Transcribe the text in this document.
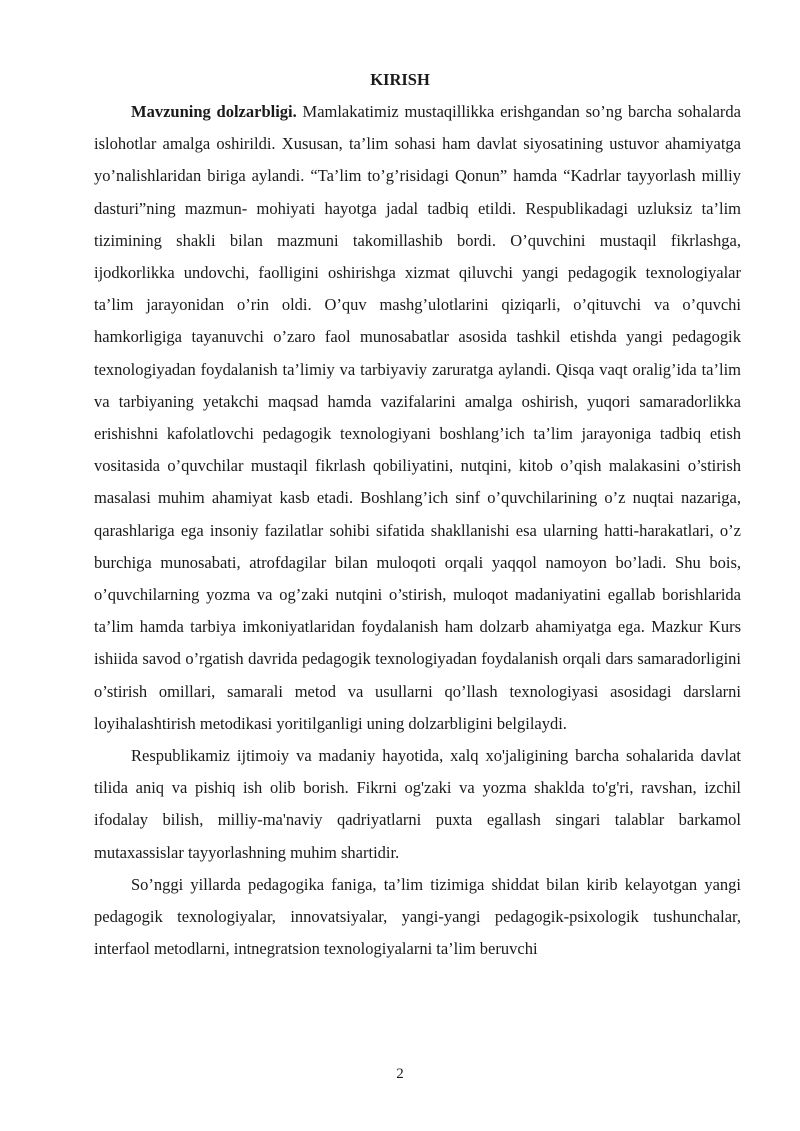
KIRISH

Mavzuning dolzarbligi. Mamlakatimiz mustaqillikka erishgandan so’ng barcha sohalarda islohotlar amalga oshirildi. Xususan, ta’lim sohasi ham davlat siyosatining ustuvor ahamiyatga yo’nalishlaridan biriga aylandi. “Ta’lim to’g’risidagi Qonun” hamda “Kadrlar tayyorlash milliy dasturi”ning mazmun- mohiyati hayotga jadal tadbiq etildi. Respublikadagi uzluksiz ta’lim tizimining shakli bilan mazmuni takomillashib bordi. O’quvchini mustaqil fikrlashga, ijodkorlikka undovchi, faolligini oshirishga xizmat qiluvchi yangi pedagogik texnologiyalar ta’lim jarayonidan o’rin oldi. O’quv mashg’ulotlarini qiziqarli, o’qituvchi va o’quvchi hamkorligiga tayanuvchi o’zaro faol munosabatlar asosida tashkil etishda yangi pedagogik texnologiyadan foydalanish ta’limiy va tarbiyaviy zaruratga aylandi. Qisqa vaqt oralig’ida ta’lim va tarbiyaning yetakchi maqsad hamda vazifalarini amalga oshirish, yuqori samaradorlikka erishishni kafolatlovchi pedagogik texnologiyani boshlang’ich ta’lim jarayoniga tadbiq etish vositasida o’quvchilar mustaqil fikrlash qobiliyatini, nutqini, kitob o’qish malakasini o’stirish masalasi muhim ahamiyat kasb etadi. Boshlang’ich sinf o’quvchilarining o’z nuqtai nazariga, qarashlariga ega insoniy fazilatlar sohibi sifatida shakllanishi esa ularning hatti-harakatlari, o’z burchiga munosabati, atrofdagilar bilan muloqoti orqali yaqqol namoyon bo’ladi. Shu bois, o’quvchilarning yozma va og’zaki nutqini o’stirish, muloqot madaniyatini egallab borishlarida ta’lim hamda tarbiya imkoniyatlaridan foydalanish ham dolzarb ahamiyatga ega. Mazkur Kurs ishiida savod o’rgatish davrida pedagogik texnologiyadan foydalanish orqali dars samaradorligini o’stirish omillari, samarali metod va usullarni qo’llash texnologiyasi asosidagi darslarni loyihalashtirish metodikasi yoritilganligi uning dolzarbligini belgilaydi.

Respublikamiz ijtimoiy va madaniy hayotida, xalq xo'jaligining barcha sohalarida davlat tilida aniq va pishiq ish olib borish. Fikrni og'zaki va yozma shaklda to'g'ri, ravshan, izchil ifodalay bilish, milliy-ma'naviy qadriyatlarni puxta egallash singari talablar barkamol mutaxassislar tayyorlashning muhim shartidir.

So’nggi yillarda pedagogika faniga, ta’lim tizimiga shiddat bilan kirib kelayotgan yangi pedagogik texnologiyalar, innovatsiyalar, yangi-yangi pedagogik-psixologik tushunchalar, interfaol metodlarni, intnegratsion texnologiyalarni ta’lim beruvchi

2
